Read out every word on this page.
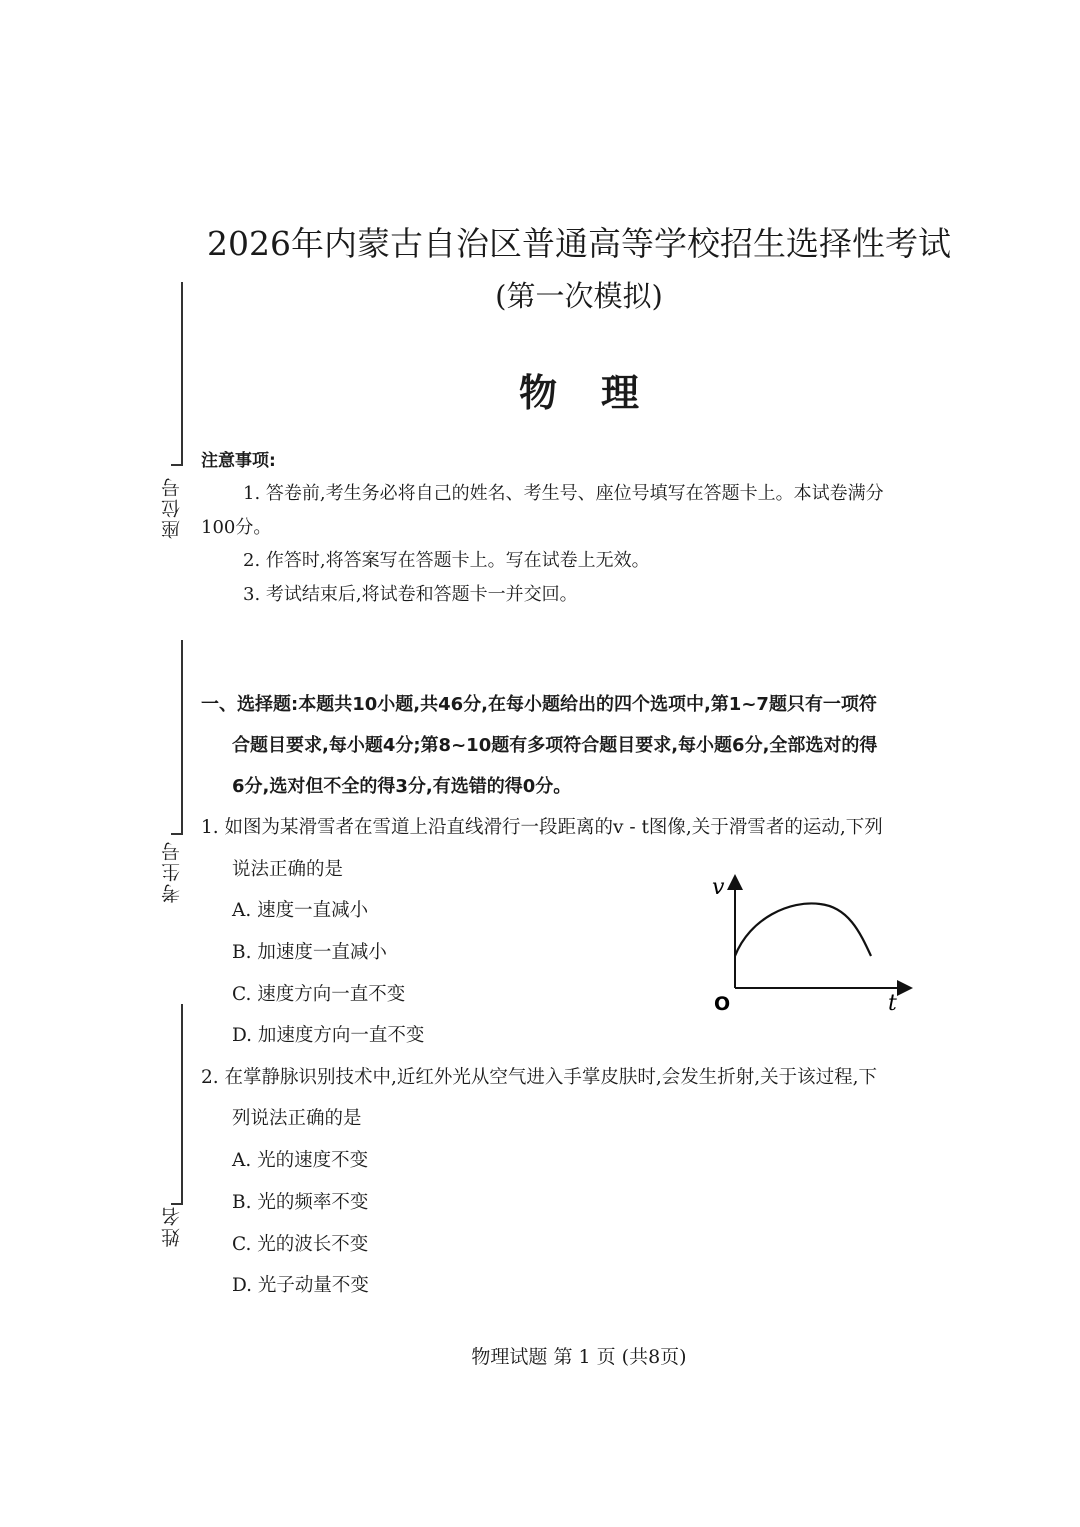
座位号
考生号
姓名
2026年内蒙古自治区普通高等学校招生选择性考试
(第一次模拟)
物 理
注意事项:
1. 答卷前,考生务必将自己的姓名、考生号、座位号填写在答题卡上。本试卷满分
100分。
2. 作答时,将答案写在答题卡上。写在试卷上无效。
3. 考试结束后,将试卷和答题卡一并交回。
一、选择题:本题共10小题,共46分,在每小题给出的四个选项中,第1~7题只有一项符
合题目要求,每小题4分;第8~10题有多项符合题目要求,每小题6分,全部选对的得
6分,选对但不全的得3分,有选错的得0分。
1. 如图为某滑雪者在雪道上沿直线滑行一段距离的v - t图像,关于滑雪者的运动,下列
说法正确的是
A. 速度一直减小
B. 加速度一直减小
C. 速度方向一直不变
D. 加速度方向一直不变
v
t
O
2. 在掌静脉识别技术中,近红外光从空气进入手掌皮肤时,会发生折射,关于该过程,下
列说法正确的是
A. 光的速度不变
B. 光的频率不变
C. 光的波长不变
D. 光子动量不变
物理试题 第 1 页 (共8页)
